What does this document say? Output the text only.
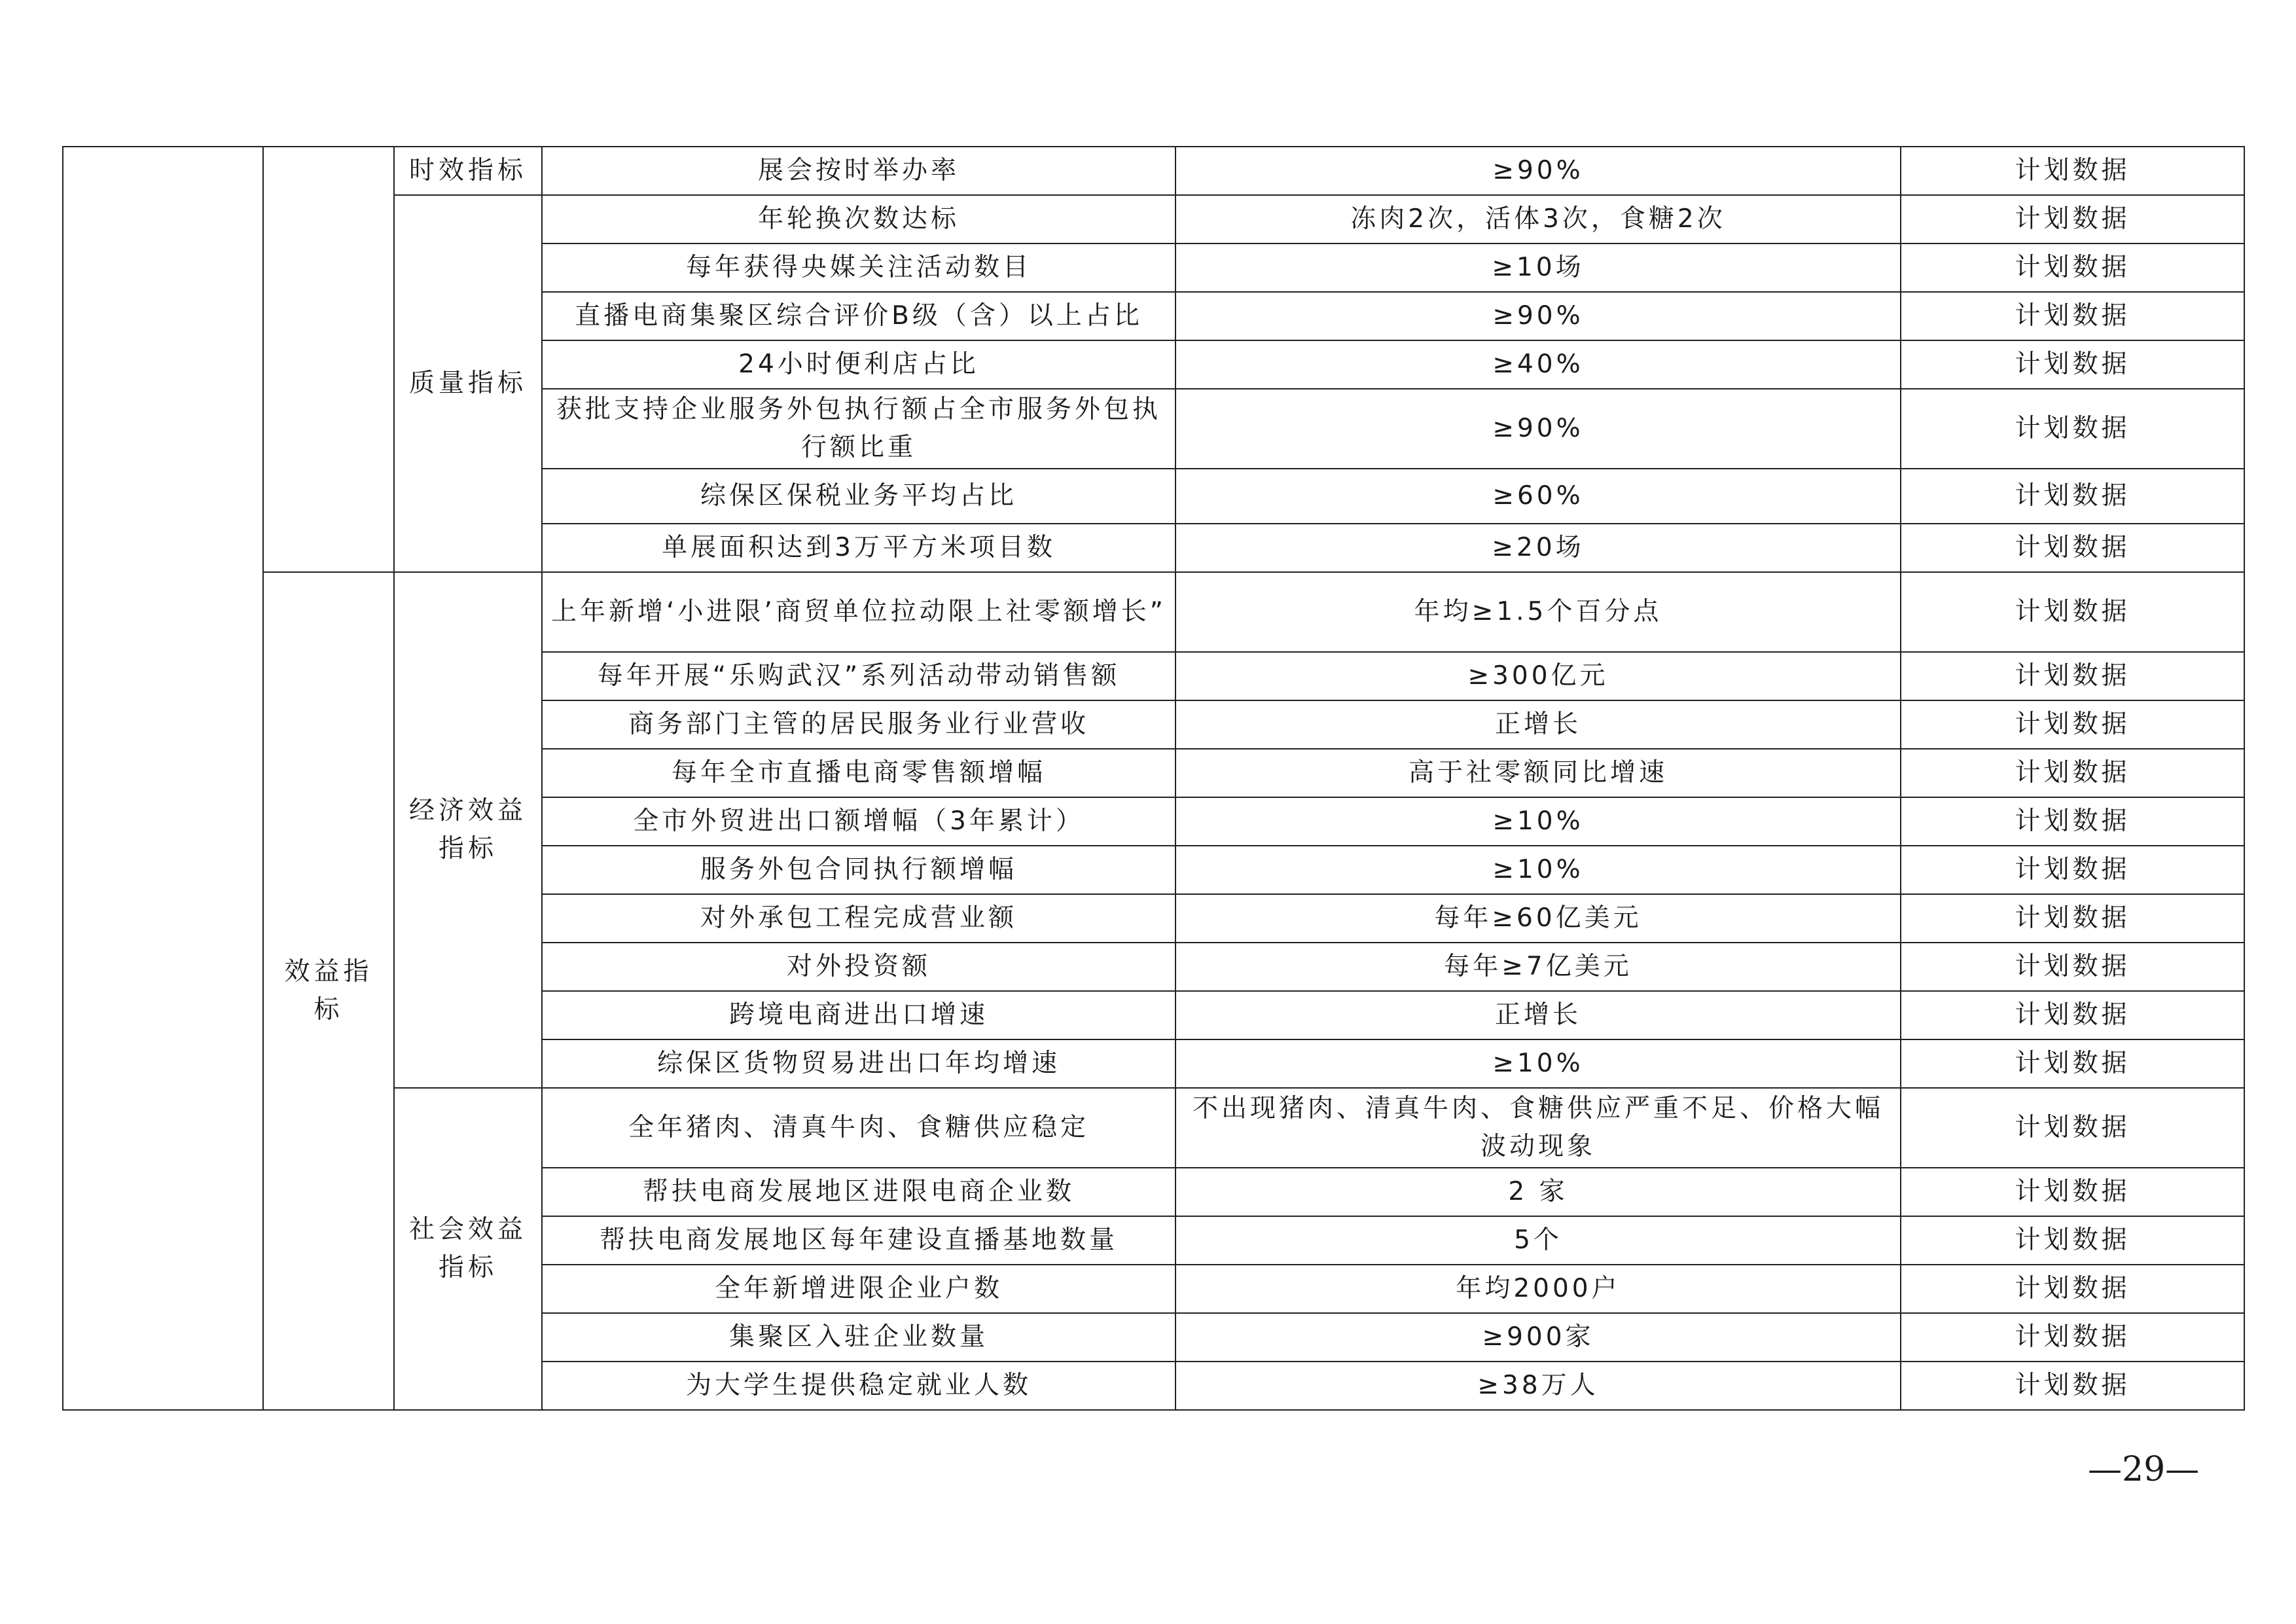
		时效指标	展会按时举办率	≥90%	计划数据
		质量指标	年轮换次数达标	冻肉2次，活体3次，食糖2次	计划数据
			每年获得央媒关注活动数目	≥10场	计划数据
			直播电商集聚区综合评价B级（含）以上占比	≥90%	计划数据
			24小时便利店占比	≥40%	计划数据
			获批支持企业服务外包执行额占全市服务外包执行额比重	≥90%	计划数据
			综保区保税业务平均占比	≥60%	计划数据
			单展面积达到3万平方米项目数	≥20场	计划数据
	效益指标	经济效益指标	上年新增‘小进限’商贸单位拉动限上社零额增长”	年均≥1.5个百分点	计划数据
			每年开展“乐购武汉”系列活动带动销售额	≥300亿元	计划数据
			商务部门主管的居民服务业行业营收	正增长	计划数据
			每年全市直播电商零售额增幅	高于社零额同比增速	计划数据
			全市外贸进出口额增幅（3年累计）	≥10%	计划数据
			服务外包合同执行额增幅	≥10%	计划数据
			对外承包工程完成营业额	每年≥60亿美元	计划数据
			对外投资额	每年≥7亿美元	计划数据
			跨境电商进出口增速	正增长	计划数据
			综保区货物贸易进出口年均增速	≥10%	计划数据
		社会效益指标	全年猪肉、清真牛肉、食糖供应稳定	不出现猪肉、清真牛肉、食糖供应严重不足、价格大幅波动现象	计划数据
			帮扶电商发展地区进限电商企业数	2 家	计划数据
			帮扶电商发展地区每年建设直播基地数量	5个	计划数据
			全年新增进限企业户数	年均2000户	计划数据
			集聚区入驻企业数量	≥900家	计划数据
			为大学生提供稳定就业人数	≥38万人	计划数据
—29—
